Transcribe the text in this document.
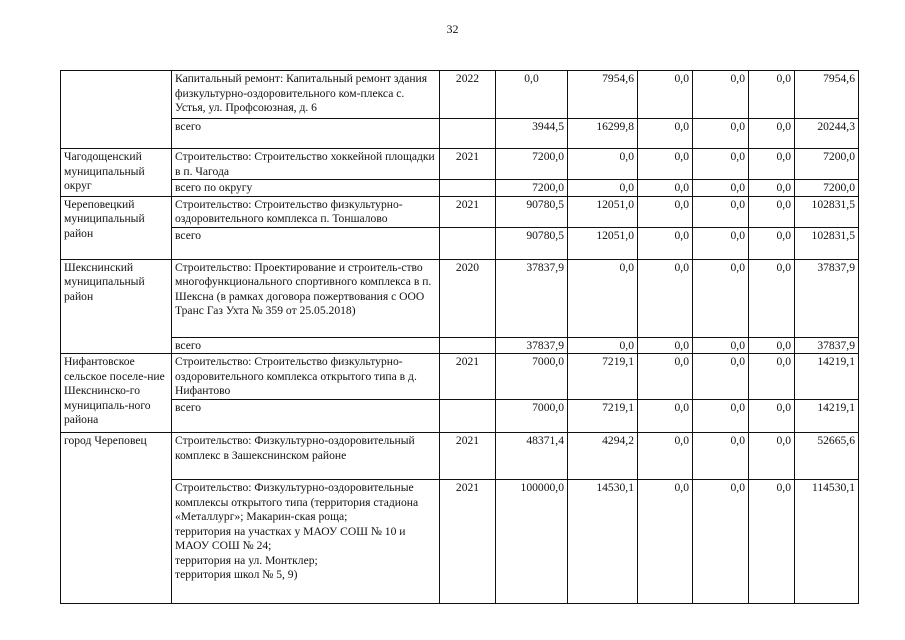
32
	Капитальный ремонт: Капитальный ремонт здания физкультурно-оздоровительного ком-плекса с. Устья, ул. Профсоюзная, д. 6	2022	0,0	7954,6	0,0	0,0	0,0	7954,6
	всего		3944,5	16299,8	0,0	0,0	0,0	20244,3
Чагодощенский муниципальный округ	Строительство: Строительство хоккейной площадки в п. Чагода	2021	7200,0	0,0	0,0	0,0	0,0	7200,0
	всего по округу		7200,0	0,0	0,0	0,0	0,0	7200,0
Череповецкий муниципальный район	Строительство: Строительство физкультурно-оздоровительного комплекса п. Тоншалово	2021	90780,5	12051,0	0,0	0,0	0,0	102831,5
	всего		90780,5	12051,0	0,0	0,0	0,0	102831,5
Шекснинский муниципальный район	Строительство: Проектирование и строитель-ство многофункционального спортивного комплекса в п. Шексна (в рамках договора пожертвования с ООО Транс Газ Ухта № 359 от 25.05.2018)	2020	37837,9	0,0	0,0	0,0	0,0	37837,9
	всего		37837,9	0,0	0,0	0,0	0,0	37837,9
Нифантовское сельское поселе-ние Шекснинско-го муниципаль-ного района	Строительство: Строительство физкультурно-оздоровительного комплекса открытого типа в д. Нифантово	2021	7000,0	7219,1	0,0	0,0	0,0	14219,1
	всего		7000,0	7219,1	0,0	0,0	0,0	14219,1
город Череповец	Строительство: Физкультурно-оздоровительный комплекс в Зашекснинском районе	2021	48371,4	4294,2	0,0	0,0	0,0	52665,6
	Строительство: Физкультурно-оздоровительные комплексы открытого типа (территория стадиона «Металлург»; Макарин-ская роща;
территория на участках у МАОУ СОШ № 10 и МАОУ СОШ № 24;
территория на ул. Монтклер;
территория школ № 5, 9)	2021	100000,0	14530,1	0,0	0,0	0,0	114530,1
